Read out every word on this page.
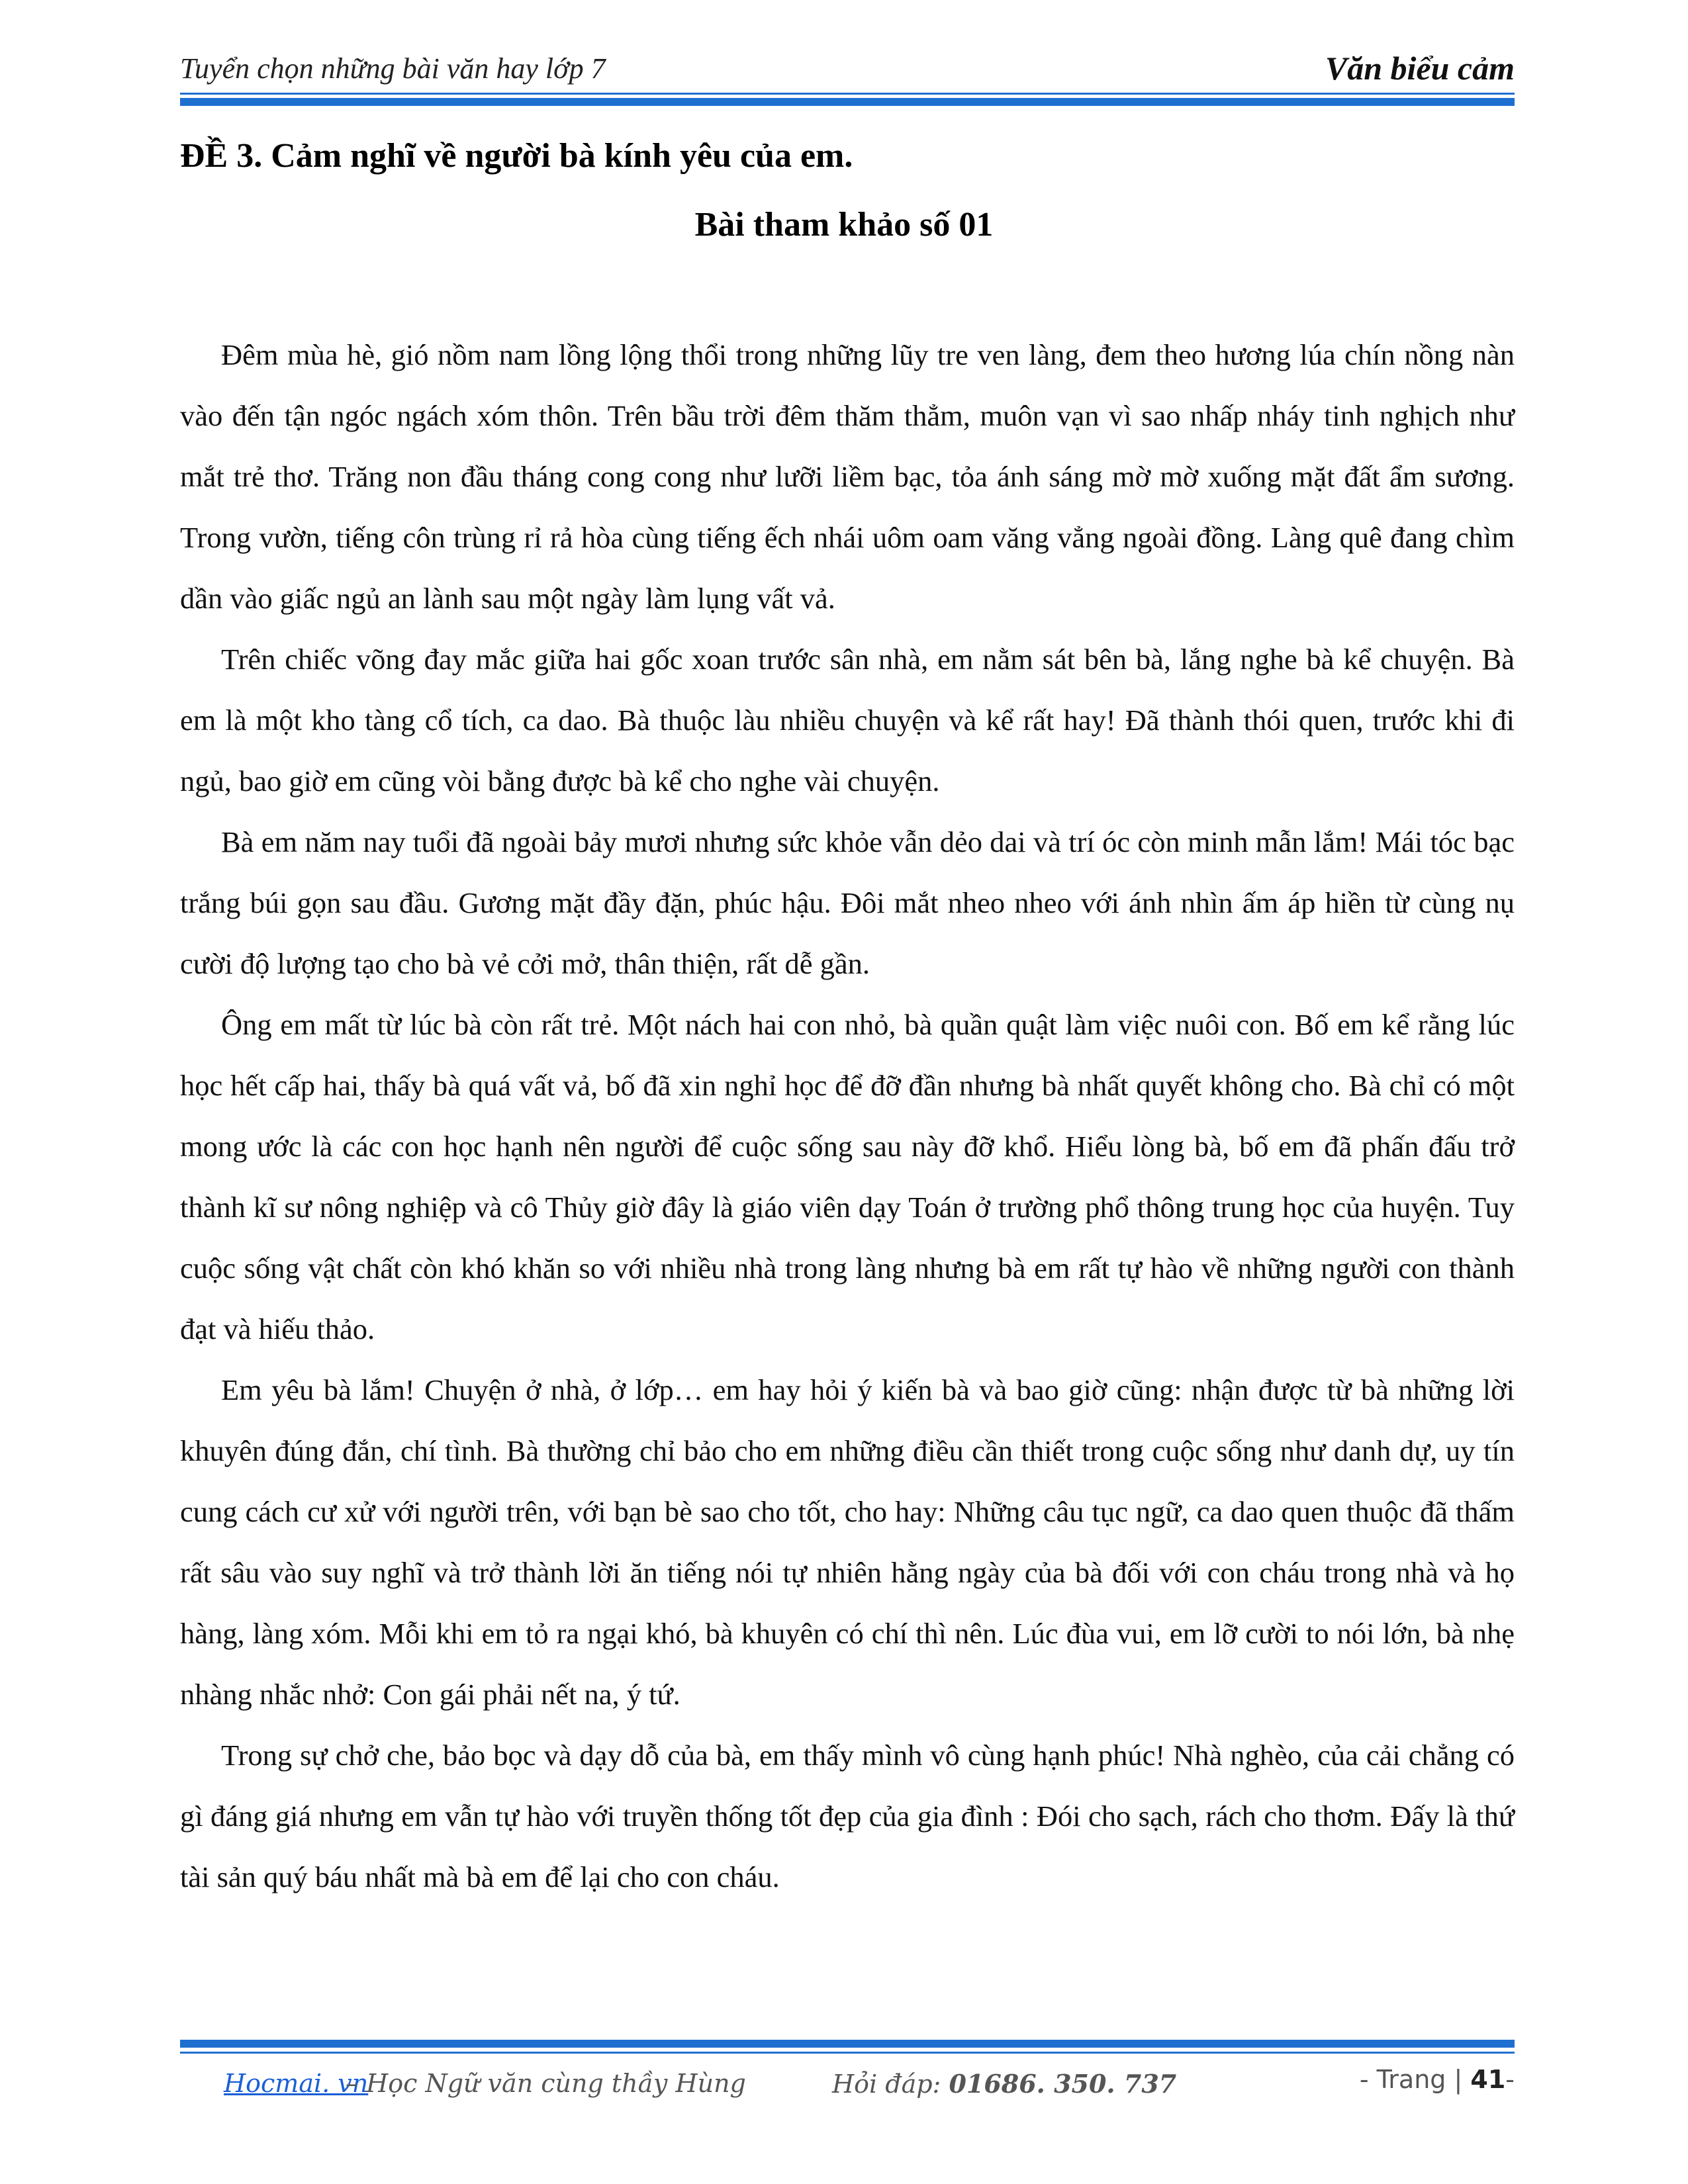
Tuyển chọn những bài văn hay lớp 7	Văn biểu cảm
ĐỀ 3. Cảm nghĩ về người bà kính yêu của em.
Bài tham khảo số 01

Đêm mùa hè, gió nồm nam lồng lộng thổi trong những lũy tre ven làng, đem theo hương lúa chín nồng nàn vào đến tận ngóc ngách xóm thôn. Trên bầu trời đêm thăm thẳm, muôn vạn vì sao nhấp nháy tinh nghịch như mắt trẻ thơ. Trăng non đầu tháng cong cong như lưỡi liềm bạc, tỏa ánh sáng mờ mờ xuống mặt đất ẩm sương. Trong vườn, tiếng côn trùng rỉ rả hòa cùng tiếng ếch nhái uôm oam văng vẳng ngoài đồng. Làng quê đang chìm dần vào giấc ngủ an lành sau một ngày làm lụng vất vả.

Trên chiếc võng đay mắc giữa hai gốc xoan trước sân nhà, em nằm sát bên bà, lắng nghe bà kể chuyện. Bà em là một kho tàng cổ tích, ca dao. Bà thuộc làu nhiều chuyện và kể rất hay! Đã thành thói quen, trước khi đi ngủ, bao giờ em cũng vòi bằng được bà kể cho nghe vài chuyện.

Bà em năm nay tuổi đã ngoài bảy mươi nhưng sức khỏe vẫn dẻo dai và trí óc còn minh mẫn lắm! Mái tóc bạc trắng búi gọn sau đầu. Gương mặt đầy đặn, phúc hậu. Đôi mắt nheo nheo với ánh nhìn ấm áp hiền từ cùng nụ cười độ lượng tạo cho bà vẻ cởi mở, thân thiện, rất dễ gần.

Ông em mất từ lúc bà còn rất trẻ. Một nách hai con nhỏ, bà quần quật làm việc nuôi con. Bố em kể rằng lúc học hết cấp hai, thấy bà quá vất vả, bố đã xin nghỉ học để đỡ đần nhưng bà nhất quyết không cho. Bà chỉ có một mong ước là các con học hạnh nên người để cuộc sống sau này đỡ khổ. Hiểu lòng bà, bố em đã phấn đấu trở thành kĩ sư nông nghiệp và cô Thủy giờ đây là giáo viên dạy Toán ở trường phổ thông trung học của huyện. Tuy cuộc sống vật chất còn khó khăn so với nhiều nhà trong làng nhưng bà em rất tự hào về những người con thành đạt và hiếu thảo.

Em yêu bà lắm! Chuyện ở nhà, ở lớp… em hay hỏi ý kiến bà và bao giờ cũng: nhận được từ bà những lời khuyên đúng đắn, chí tình. Bà thường chỉ bảo cho em những điều cần thiết trong cuộc sống như danh dự, uy tín cung cách cư xử với người trên, với bạn bè sao cho tốt, cho hay: Những câu tục ngữ, ca dao quen thuộc đã thấm rất sâu vào suy nghĩ và trở thành lời ăn tiếng nói tự nhiên hằng ngày của bà đối với con cháu trong nhà và họ hàng, làng xóm. Mỗi khi em tỏ ra ngại khó, bà khuyên có chí thì nên. Lúc đùa vui, em lỡ cười to nói lớn, bà nhẹ nhàng nhắc nhở: Con gái phải nết na, ý tứ.

Trong sự chở che, bảo bọc và dạy dỗ của bà, em thấy mình vô cùng hạnh phúc! Nhà nghèo, của cải chẳng có gì đáng giá nhưng em vẫn tự hào với truyền thống tốt đẹp của gia đình : Đói cho sạch, rách cho thơm. Đấy là thứ tài sản quý báu nhất mà bà em để lại cho con cháu.

Hocmai. vn
– Học Ngữ văn cùng thầy Hùng	Hỏi đáp: 01686. 350. 737	- Trang | 41-
